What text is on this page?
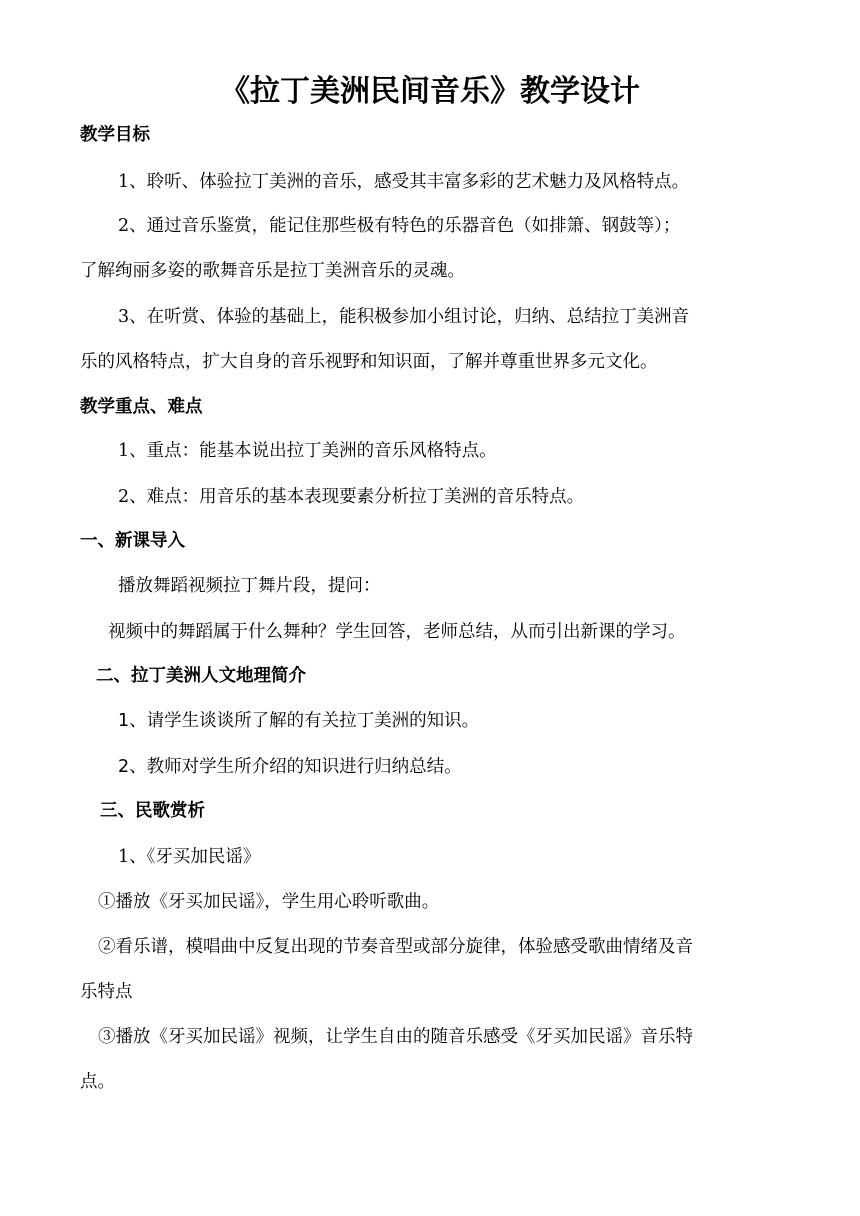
《拉丁美洲民间音乐》教学设计
教学目标
1、聆听、体验拉丁美洲的音乐，感受其丰富多彩的艺术魅力及风格特点。
2、通过音乐鉴赏，能记住那些极有特色的乐器音色（如排箫、钢鼓等）；
了解绚丽多姿的歌舞音乐是拉丁美洲音乐的灵魂。
3、在听赏、体验的基础上，能积极参加小组讨论，归纳、总结拉丁美洲音
乐的风格特点，扩大自身的音乐视野和知识面，了解并尊重世界多元文化。
教学重点、难点
1、重点：能基本说出拉丁美洲的音乐风格特点。
2、难点：用音乐的基本表现要素分析拉丁美洲的音乐特点。
一、新课导入
播放舞蹈视频拉丁舞片段，提问：
视频中的舞蹈属于什么舞种？学生回答，老师总结，从而引出新课的学习。
二、拉丁美洲人文地理简介
1、请学生谈谈所了解的有关拉丁美洲的知识。
2、教师对学生所介绍的知识进行归纳总结。
三、民歌赏析
1、《牙买加民谣》
①播放《牙买加民谣》，学生用心聆听歌曲。
②看乐谱，模唱曲中反复出现的节奏音型或部分旋律，体验感受歌曲情绪及音
乐特点
③播放《牙买加民谣》视频，让学生自由的随音乐感受《牙买加民谣》音乐特
点。
